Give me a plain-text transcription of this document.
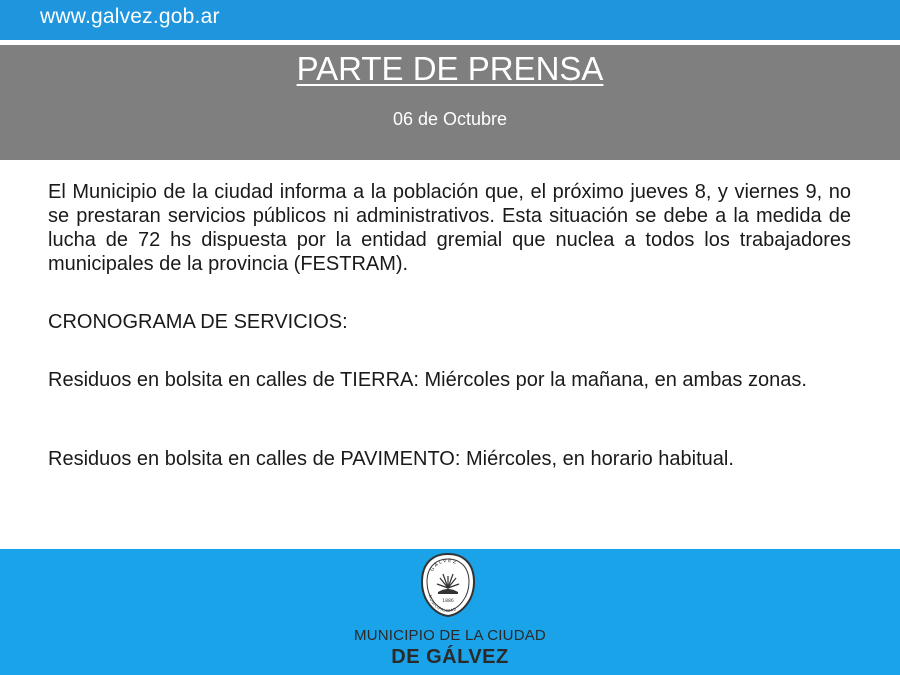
www.galvez.gob.ar
PARTE DE PRENSA
06 de Octubre

El Municipio de la ciudad informa a la población que, el próximo jueves 8, y viernes 9, no se prestaran servicios públicos ni administrativos. Esta situación se debe a la medida de lucha de 72 hs dispuesta por la entidad gremial que nuclea a todos los trabajadores municipales de la provincia (FESTRAM).

CRONOGRAMA DE SERVICIOS:
Residuos en bolsita en calles de TIERRA: Miércoles por la mañana, en ambas zonas.
Residuos en bolsita en calles de PAVIMENTO: Miércoles, en horario habitual.
GÁLVEZ
MUNICIPALIDAD
1886
MUNICIPIO DE LA CIUDAD
DE GÁLVEZ
